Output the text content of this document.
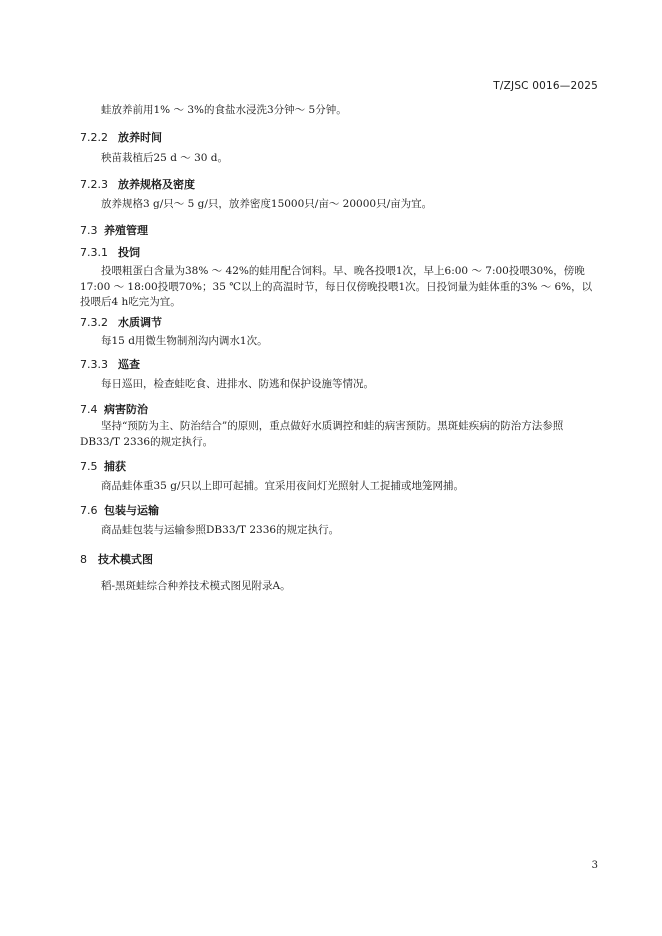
T/ZJSC 0016—2025
蛙放养前用1% ～ 3%的食盐水浸洗3分钟～ 5分钟。
7.2.2 放养时间
秧苗栽植后25 d ～ 30 d。
7.2.3 放养规格及密度
放养规格3 g/只～ 5 g/只，放养密度15000只/亩～ 20000只/亩为宜。
7.3 养殖管理
7.3.1 投饲
投喂粗蛋白含量为38% ～ 42%的蛙用配合饲料。早、晚各投喂1次，早上6:00 ～ 7:00投喂30%，傍晚17:00 ～ 18:00投喂70%；35 ℃以上的高温时节，每日仅傍晚投喂1次。日投饲量为蛙体重的3% ～ 6%，以投喂后4 h吃完为宜。
7.3.2 水质调节
每15 d用微生物制剂沟内调水1次。
7.3.3 巡查
每日巡田，检查蛙吃食、进排水、防逃和保护设施等情况。
7.4 病害防治
坚持“预防为主、防治结合”的原则，重点做好水质调控和蛙的病害预防。黑斑蛙疾病的防治方法参照DB33/T 2336的规定执行。
7.5 捕获
商品蛙体重35 g/只以上即可起捕。宜采用夜间灯光照射人工捉捕或地笼网捕。
7.6 包装与运输
商品蛙包装与运输参照DB33/T 2336的规定执行。
8 技术模式图
稻-黑斑蛙综合种养技术模式图见附录A。
3
